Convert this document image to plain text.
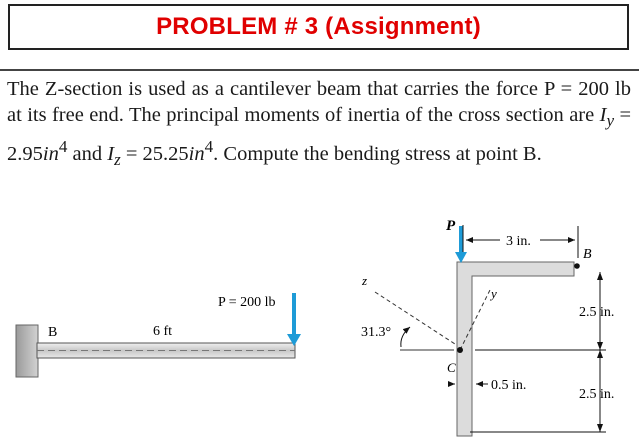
PROBLEM # 3 (Assignment)
The Z-section is used as a cantilever beam that carries the force P = 200 lb at its free end. The principal moments of inertia of the cross section are $I_y = 2.95in^4$ and $I_z = 25.25in^4$. Compute the bending stress at point B.
B	6 ft
P = 200 lb
P
3 in.
B
2.5 in.
2.5 in.
0.5 in.
z
y
31.3°
C
